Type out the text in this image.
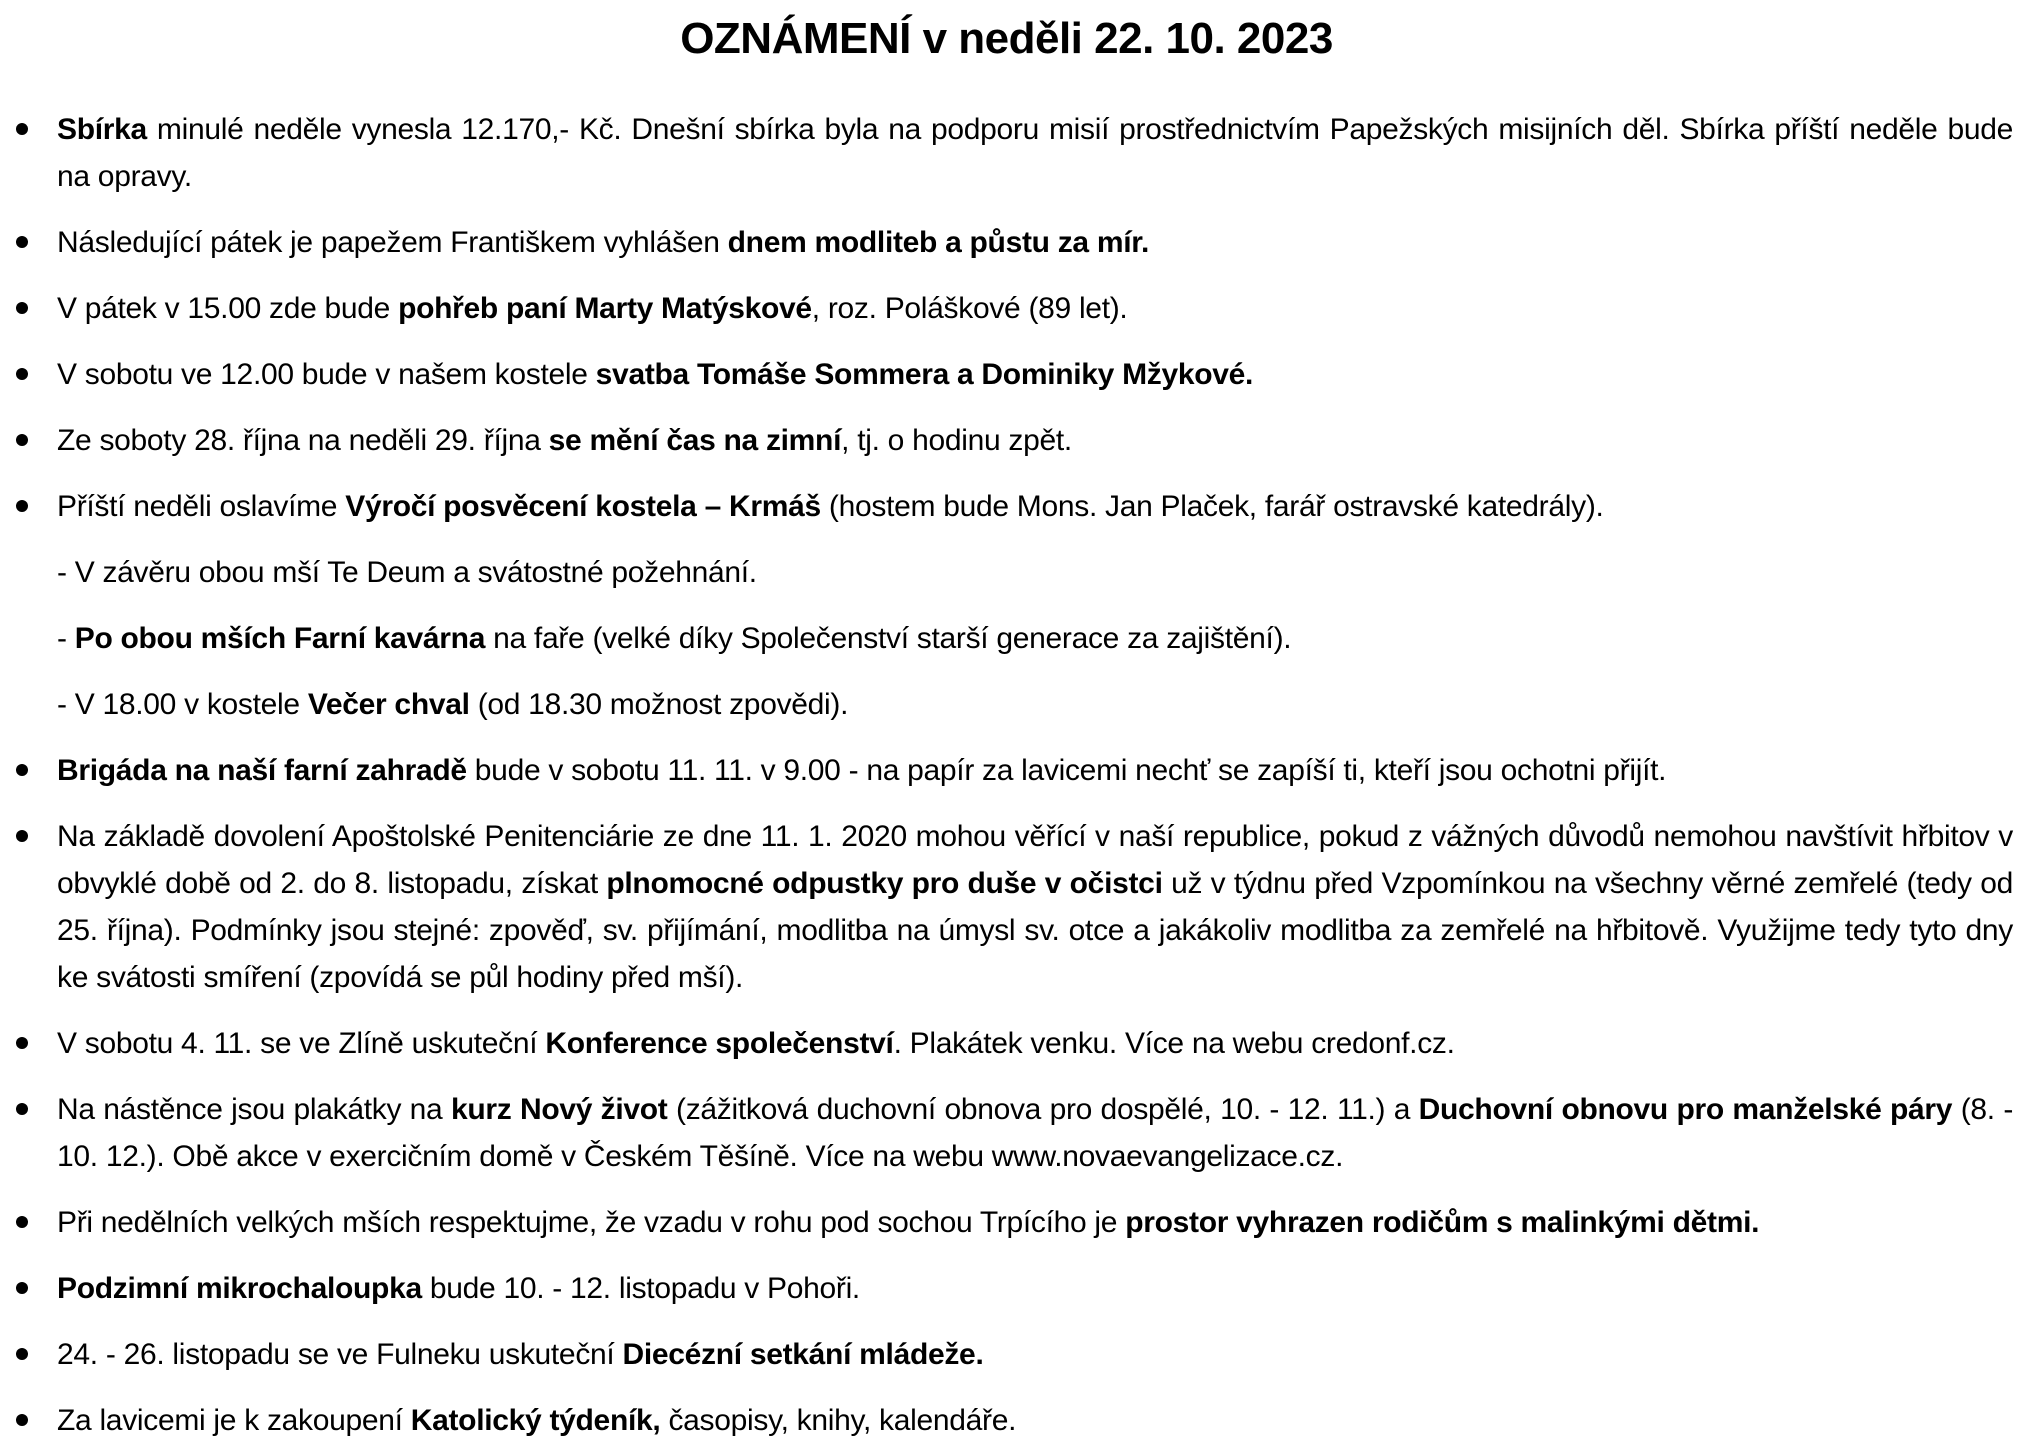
OZNÁMENÍ v neděli 22. 10. 2023
Sbírka minulé neděle vynesla 12.170,- Kč. Dnešní sbírka byla na podporu misií prostřednictvím Papežských misijních děl. Sbírka příští neděle bude na opravy.
Následující pátek je papežem Františkem vyhlášen dnem modliteb a půstu za mír.
V pátek v 15.00 zde bude pohřeb paní Marty Matýskové, roz. Poláškové (89 let).
V sobotu ve 12.00 bude v našem kostele svatba Tomáše Sommera a Dominiky Mžykové.
Ze soboty 28. října na neděli 29. října se mění čas na zimní, tj. o hodinu zpět.
Příští neděli oslavíme Výročí posvěcení kostela – Krmáš (hostem bude Mons. Jan Plaček, farář ostravské katedrály).
- V závěru obou mší Te Deum a svátostné požehnání.
- Po obou mších Farní kavárna na faře (velké díky Společenství starší generace za zajištění).
- V 18.00 v kostele Večer chval (od 18.30 možnost zpovědi).
Brigáda na naší farní zahradě bude v sobotu 11. 11. v 9.00 - na papír za lavicemi nechť se zapíší ti, kteří jsou ochotni přijít.
Na základě dovolení Apoštolské Penitenciárie ze dne 11. 1. 2020 mohou věřící v naší republice, pokud z vážných důvodů nemohou navštívit hřbitov v obvyklé době od 2. do 8. listopadu, získat plnomocné odpustky pro duše v očistci už v týdnu před Vzpomínkou na všechny věrné zemřelé (tedy od 25. října). Podmínky jsou stejné: zpověď, sv. přijímání, modlitba na úmysl sv. otce a jakákoliv modlitba za zemřelé na hřbitově. Využijme tedy tyto dny ke svátosti smíření (zpovídá se půl hodiny před mší).
V sobotu 4. 11. se ve Zlíně uskuteční Konference společenství. Plakátek venku. Více na webu credonf.cz.
Na nástěnce jsou plakátky na kurz Nový život (zážitková duchovní obnova pro dospělé, 10. - 12. 11.) a Duchovní obnovu pro manželské páry (8. - 10. 12.). Obě akce v exercičním domě v Českém Těšíně. Více na webu www.novaevangelizace.cz.
Při nedělních velkých mších respektujme, že vzadu v rohu pod sochou Trpícího je prostor vyhrazen rodičům s malinkými dětmi.
Podzimní mikrochaloupka bude 10. - 12. listopadu v Pohoři.
24. - 26. listopadu se ve Fulneku uskuteční Diecézní setkání mládeže.
Za lavicemi je k zakoupení Katolický týdeník, časopisy, knihy, kalendáře.
